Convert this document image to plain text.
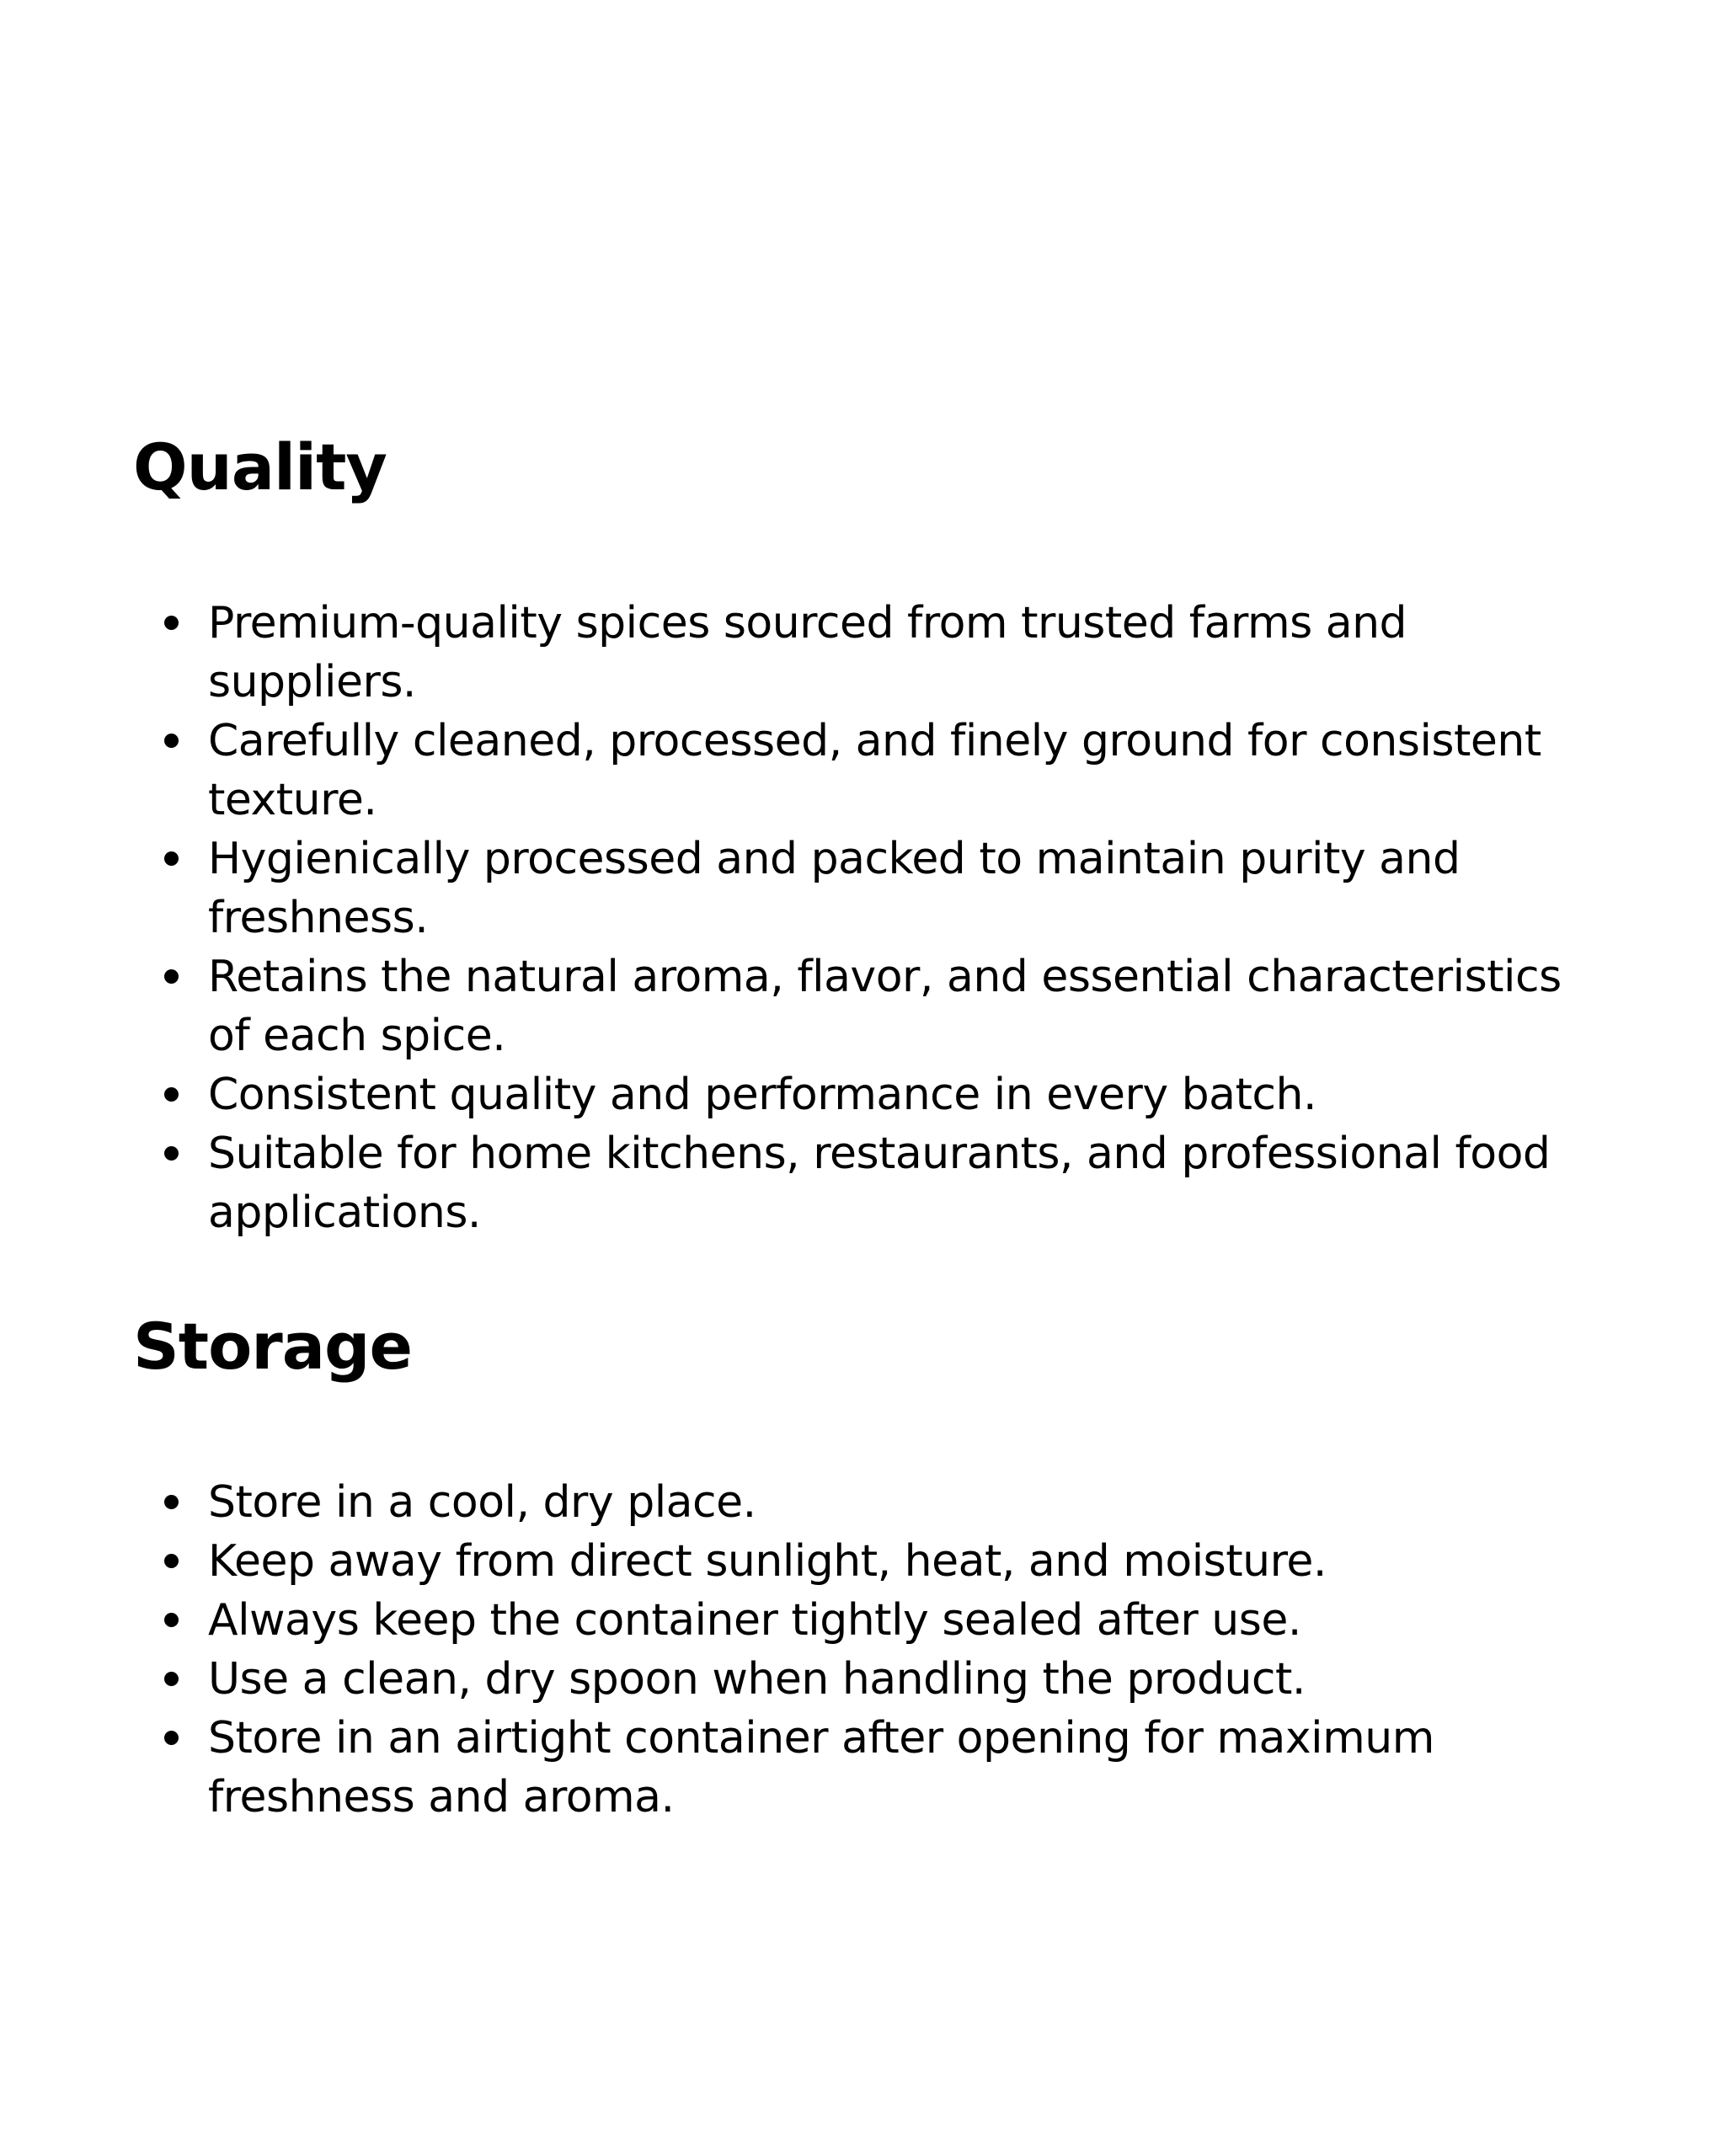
Quality
Premium-quality spices sourced from trusted farms and suppliers.
Carefully cleaned, processed, and finely ground for consistent texture.
Hygienically processed and packed to maintain purity and freshness.
Retains the natural aroma, flavor, and essential characteristics of each spice.
Consistent quality and performance in every batch.
Suitable for home kitchens, restaurants, and professional food applications.
Storage
Store in a cool, dry place.
Keep away from direct sunlight, heat, and moisture.
Always keep the container tightly sealed after use.
Use a clean, dry spoon when handling the product.
Store in an airtight container after opening for maximum freshness and aroma.
